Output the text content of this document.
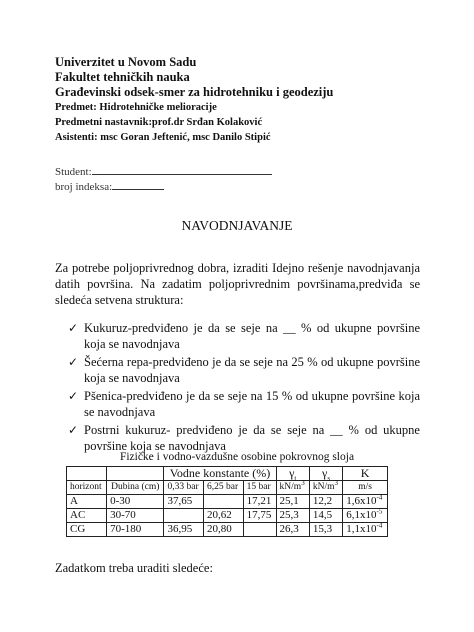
Univerzitet u Novom Sadu
Fakultet tehničkih nauka
Građevinski odsek-smer za hidrotehniku i geodeziju
Predmet: Hidrotehničke melioracije
Predmetni nastavnik:prof.dr Srđan Kolaković
Asistenti: msc Goran Jeftenić, msc Danilo Stipić
Student:
broj indeksa:
NAVODNJAVANJE
Za potrebe poljoprivrednog dobra, izraditi Idejno rešenje navodnjavanja datih površina. Na zadatim poljoprivrednim površinama,predviđa se sledeća setvena struktura:
✓ Kukuruz-predviđeno je da se seje na __ % od ukupne površine koja se navodnjava
✓ Šećerna repa-predviđeno je da se seje na 25 % od ukupne površine koja se navodnjava
✓ Pšenica-predviđeno je da se seje na 15 % od ukupne površine koja se navodnjava
✓ Postrni kukuruz- predviđeno je da se seje na __ % od ukupne površine koja se navodnjava
Fizičke i vodno-vazdušne osobine pokrovnog sloja
		Vodne konstante (%)			$\gamma_t$	$\gamma_s$	K
horizont	Dubina (cm)	0,33 bar	6,25 bar	15 bar	$kN/m^3$	$kN/m^3$	m/s
A	0-30	37,65		17,21	25,1	12,2	$1,6x10^{-4}$
AC	30-70		20,62	17,75	25,3	14,5	$6,1x10^{-5}$
CG	70-180	36,95	20,80		26,3	15,3	$1,1x10^{-4}$
Zadatkom treba uraditi sledeće:
